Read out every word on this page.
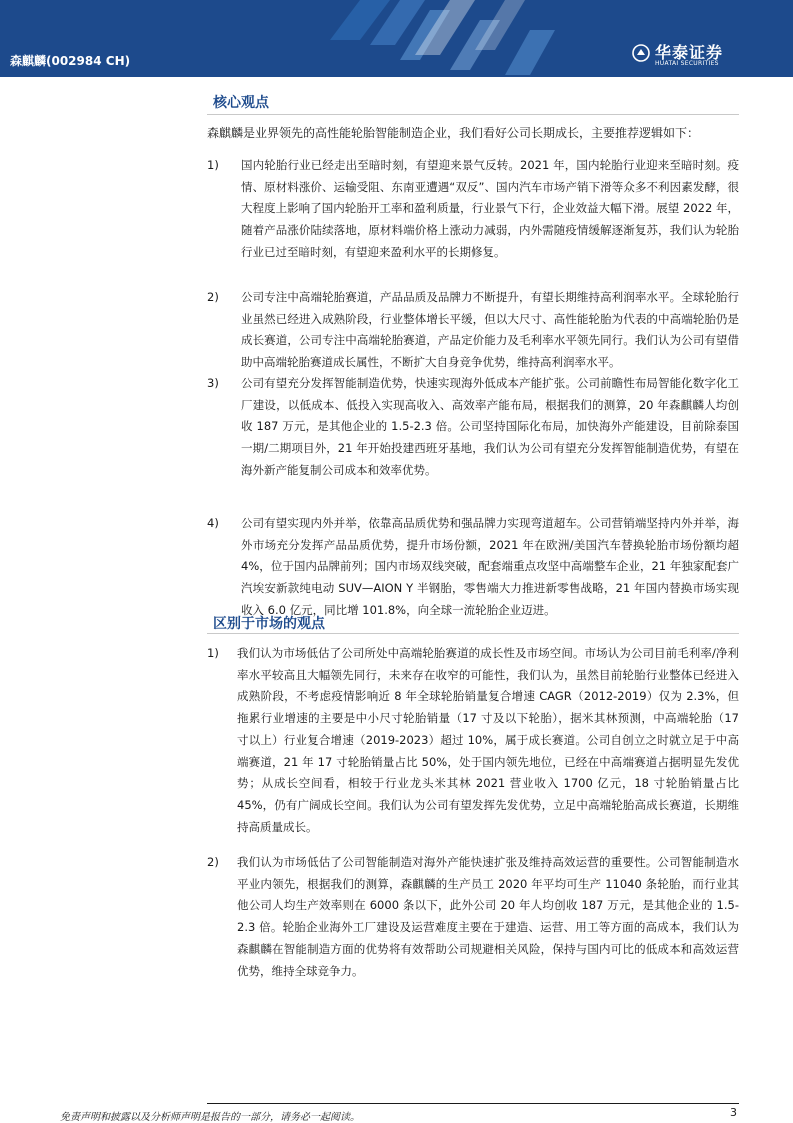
森麒麟(002984 CH)	华泰证券
HUATAI SECURITIES
核心观点
森麒麟是业界领先的高性能轮胎智能制造企业，我们看好公司长期成长，主要推荐逻辑如下：
1)	国内轮胎行业已经走出至暗时刻，有望迎来景气反转。2021 年，国内轮胎行业迎来至暗时刻。疫情、原材料涨价、运输受阻、东南亚遭遇“双反”、国内汽车市场产销下滑等众多不利因素发酵，很大程度上影响了国内轮胎开工率和盈利质量，行业景气下行，企业效益大幅下滑。展望 2022 年，随着产品涨价陆续落地，原材料端价格上涨动力减弱，内外需随疫情缓解逐渐复苏，我们认为轮胎行业已过至暗时刻，有望迎来盈利水平的长期修复。
2)	公司专注中高端轮胎赛道，产品品质及品牌力不断提升，有望长期维持高利润率水平。全球轮胎行业虽然已经进入成熟阶段，行业整体增长平缓，但以大尺寸、高性能轮胎为代表的中高端轮胎仍是成长赛道，公司专注中高端轮胎赛道，产品定价能力及毛利率水平领先同行。我们认为公司有望借助中高端轮胎赛道成长属性，不断扩大自身竞争优势，维持高利润率水平。
3)	公司有望充分发挥智能制造优势，快速实现海外低成本产能扩张。公司前瞻性布局智能化数字化工厂建设，以低成本、低投入实现高收入、高效率产能布局，根据我们的测算，20 年森麒麟人均创收 187 万元，是其他企业的 1.5-2.3 倍。公司坚持国际化布局，加快海外产能建设，目前除泰国一期/二期项目外，21 年开始投建西班牙基地，我们认为公司有望充分发挥智能制造优势，有望在海外新产能复制公司成本和效率优势。
4)	公司有望实现内外并举，依靠高品质优势和强品牌力实现弯道超车。公司营销端坚持内外并举，海外市场充分发挥产品品质优势，提升市场份额，2021 年在欧洲/美国汽车替换轮胎市场份额均超 4%，位于国内品牌前列；国内市场双线突破，配套端重点攻坚中高端整车企业，21 年独家配套广汽埃安新款纯电动 SUV—AION Y 半钢胎，零售端大力推进新零售战略，21 年国内替换市场实现收入 6.0 亿元，同比增 101.8%，向全球一流轮胎企业迈进。
区别于市场的观点
1)	我们认为市场低估了公司所处中高端轮胎赛道的成长性及市场空间。市场认为公司目前毛利率/净利率水平较高且大幅领先同行，未来存在收窄的可能性，我们认为，虽然目前轮胎行业整体已经进入成熟阶段，不考虑疫情影响近 8 年全球轮胎销量复合增速 CAGR（2012-2019）仅为 2.3%，但拖累行业增速的主要是中小尺寸轮胎销量（17 寸及以下轮胎），据米其林预测，中高端轮胎（17 寸以上）行业复合增速（2019-2023）超过 10%，属于成长赛道。公司自创立之时就立足于中高端赛道，21 年 17 寸轮胎销量占比 50%，处于国内领先地位，已经在中高端赛道占据明显先发优势；从成长空间看，相较于行业龙头米其林 2021 营业收入 1700 亿元，18 寸轮胎销量占比 45%，仍有广阔成长空间。我们认为公司有望发挥先发优势，立足中高端轮胎高成长赛道，长期维持高质量成长。
2)	我们认为市场低估了公司智能制造对海外产能快速扩张及维持高效运营的重要性。公司智能制造水平业内领先，根据我们的测算，森麒麟的生产员工 2020 年平均可生产 11040 条轮胎，而行业其他公司人均生产效率则在 6000 条以下，此外公司 20 年人均创收 187 万元，是其他企业的 1.5-2.3 倍。轮胎企业海外工厂建设及运营难度主要在于建造、运营、用工等方面的高成本，我们认为森麒麟在智能制造方面的优势将有效帮助公司规避相关风险，保持与国内可比的低成本和高效运营优势，维持全球竞争力。
免责声明和披露以及分析师声明是报告的一部分，请务必一起阅读。	3
